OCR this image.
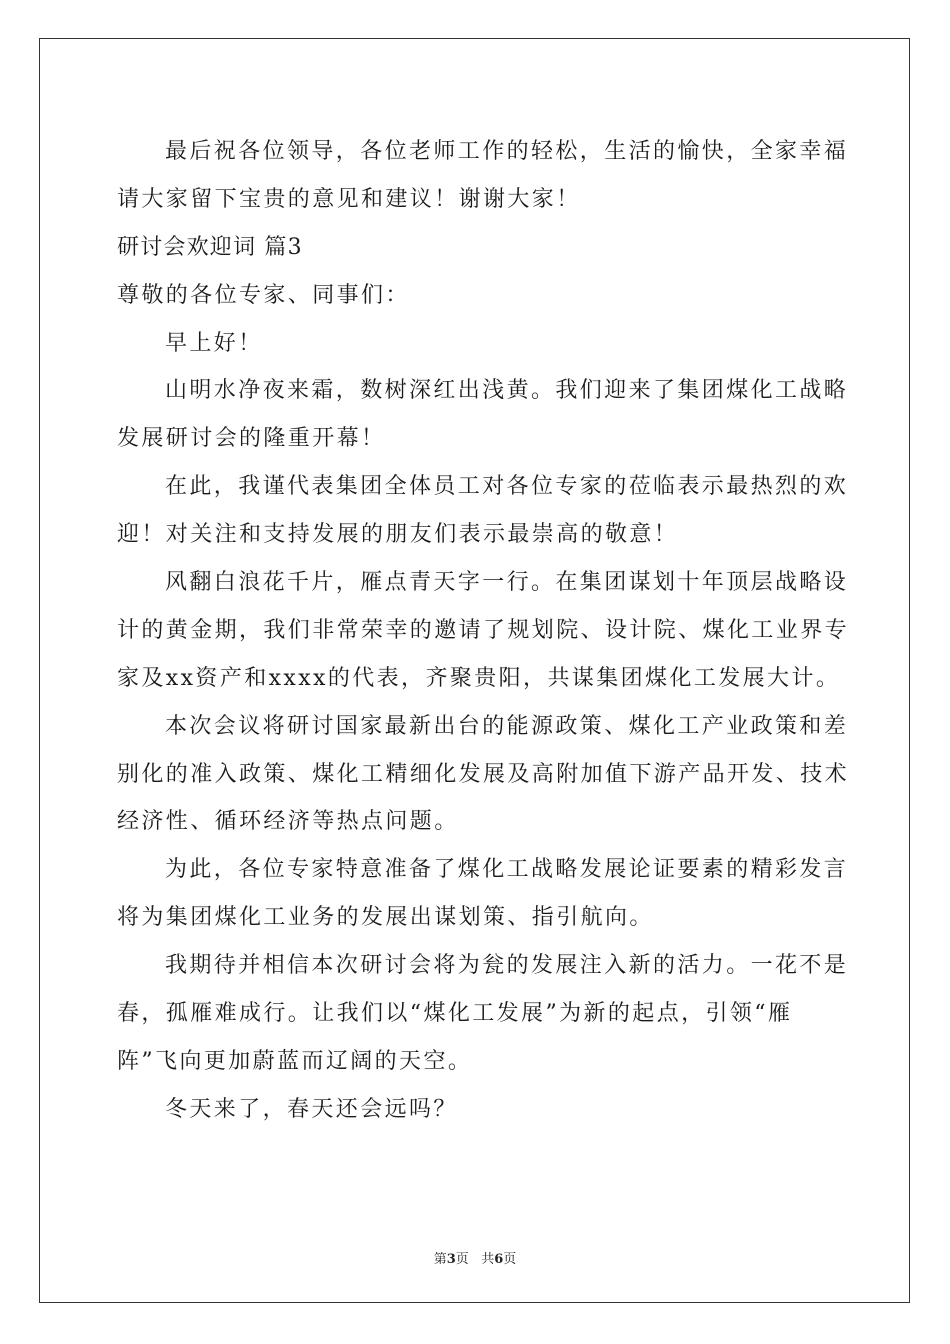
最后祝各位领导，各位老师工作的轻松，生活的愉快，全家幸福
请大家留下宝贵的意见和建议！谢谢大家！
研讨会欢迎词 篇3
尊敬的各位专家、同事们：
早上好！
山明水净夜来霜，数树深红出浅黄。我们迎来了集团煤化工战略
发展研讨会的隆重开幕！
在此，我谨代表集团全体员工对各位专家的莅临表示最热烈的欢
迎！对关注和支持发展的朋友们表示最崇高的敬意！
风翻白浪花千片，雁点青天字一行。在集团谋划十年顶层战略设
计的黄金期，我们非常荣幸的邀请了规划院、设计院、煤化工业界专
家及xx资产和xxxx的代表，齐聚贵阳，共谋集团煤化工发展大计。
本次会议将研讨国家最新出台的能源政策、煤化工产业政策和差
别化的准入政策、煤化工精细化发展及高附加值下游产品开发、技术
经济性、循环经济等热点问题。
为此，各位专家特意准备了煤化工战略发展论证要素的精彩发言
将为集团煤化工业务的发展出谋划策、指引航向。
我期待并相信本次研讨会将为瓮的发展注入新的活力。一花不是
春，孤雁难成行。让我们以“煤化工发展”为新的起点，引领“雁
阵”飞向更加蔚蓝而辽阔的天空。
冬天来了，春天还会远吗？
第3页   共6页
